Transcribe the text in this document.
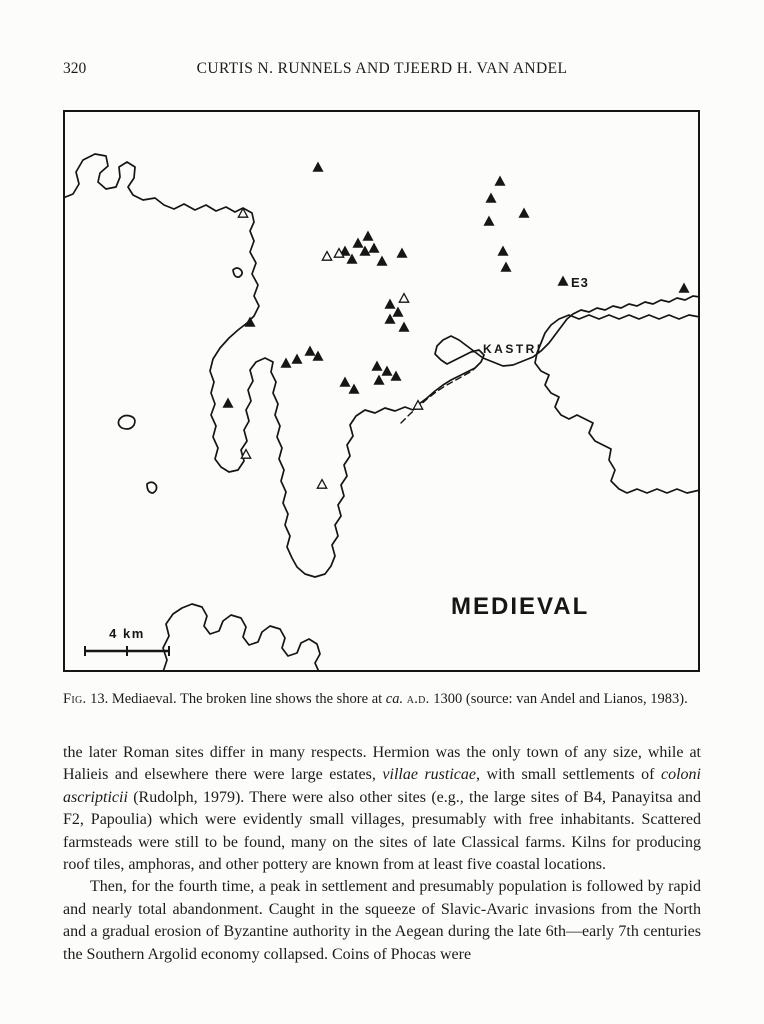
320	CURTIS N. RUNNELS AND TJEERD H. VAN ANDEL
E3
KASTRI
MEDIEVAL
4 km
Fig. 13. Mediaeval. The broken line shows the shore at ca. a.d. 1300 (source: van Andel and Lianos, 1983).

the later Roman sites differ in many respects. Hermion was the only town of any size, while at Halieis and elsewhere there were large estates, villae rusticae, with small settlements of coloni ascripticii (Rudolph, 1979). There were also other sites (e.g., the large sites of B4, Panayitsa and F2, Papoulia) which were evidently small villages, presumably with free inhabitants. Scattered farmsteads were still to be found, many on the sites of late Classical farms. Kilns for producing roof tiles, amphoras, and other pottery are known from at least five coastal locations.

Then, for the fourth time, a peak in settlement and presumably population is followed by rapid and nearly total abandonment. Caught in the squeeze of Slavic-Avaric invasions from the North and a gradual erosion of Byzantine authority in the Aegean during the late 6th—early 7th centuries the Southern Argolid economy collapsed. Coins of Phocas were
